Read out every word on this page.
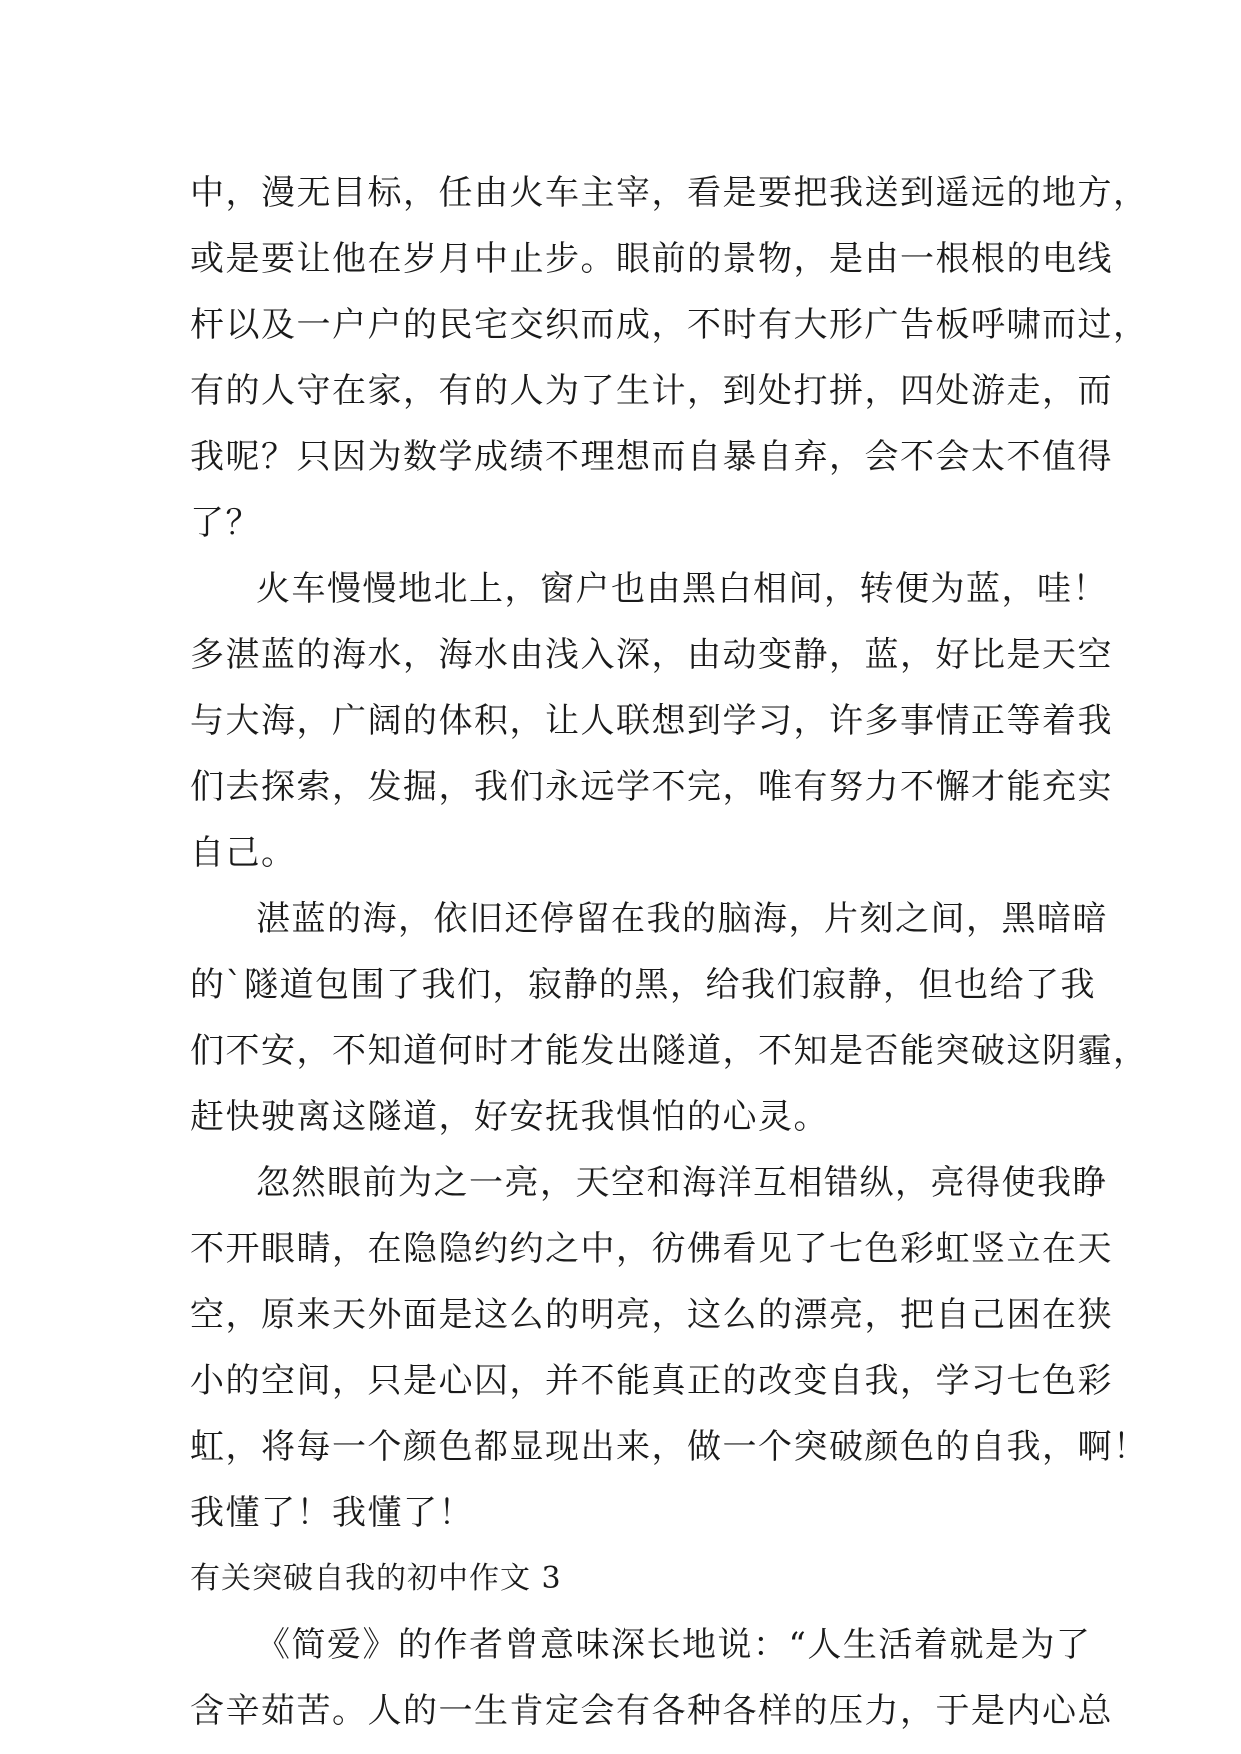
中，漫无目标，任由火车主宰，看是要把我送到遥远的地方，
或是要让他在岁月中止步。眼前的景物，是由一根根的电线
杆以及一户户的民宅交织而成，不时有大形广告板呼啸而过，
有的人守在家，有的人为了生计，到处打拼，四处游走，而
我呢？只因为数学成绩不理想而自暴自弃，会不会太不值得
了？
火车慢慢地北上，窗户也由黑白相间，转便为蓝，哇！
多湛蓝的海水，海水由浅入深，由动变静，蓝，好比是天空
与大海，广阔的体积，让人联想到学习，许多事情正等着我
们去探索，发掘，我们永远学不完，唯有努力不懈才能充实
自己。
湛蓝的海，依旧还停留在我的脑海，片刻之间，黑暗暗
的`隧道包围了我们，寂静的黑，给我们寂静，但也给了我
们不安，不知道何时才能发出隧道，不知是否能突破这阴霾，
赶快驶离这隧道，好安抚我惧怕的心灵。
忽然眼前为之一亮，天空和海洋互相错纵，亮得使我睁
不开眼睛，在隐隐约约之中，彷佛看见了七色彩虹竖立在天
空，原来天外面是这么的明亮，这么的漂亮，把自己困在狭
小的空间，只是心囚，并不能真正的改变自我，学习七色彩
虹，将每一个颜色都显现出来，做一个突破颜色的自我，啊！
我懂了！我懂了！
有关突破自我的初中作文 3
《简爱》的作者曾意味深长地说：“人生活着就是为了
含辛茹苦。人的一生肯定会有各种各样的压力，于是内心总
